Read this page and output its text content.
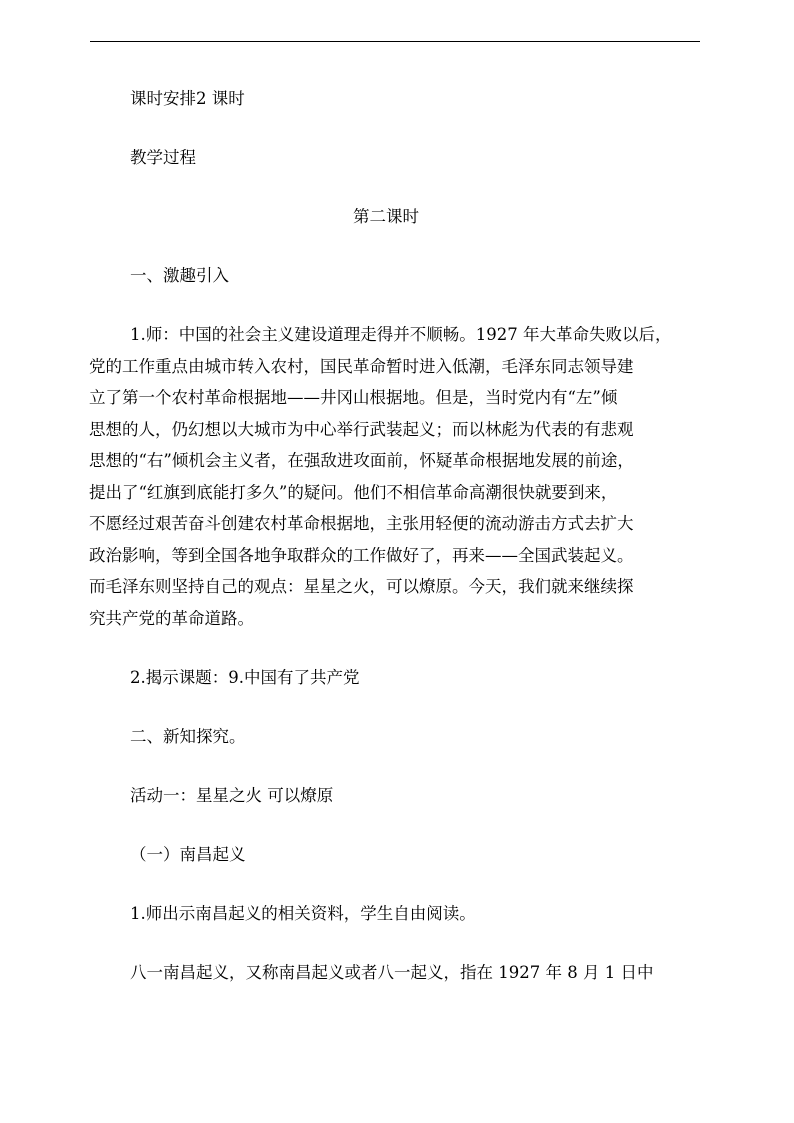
课时安排2 课时
教学过程
第二课时
一、激趣引入
1.师：中国的社会主义建设道理走得并不顺畅。1927 年大革命失败以后，
党的工作重点由城市转入农村，国民革命暂时进入低潮，毛泽东同志领导建
立了第一个农村革命根据地——井冈山根据地。但是，当时党内有“左”倾
思想的人，仍幻想以大城市为中心举行武装起义；而以林彪为代表的有悲观
思想的“右”倾机会主义者，在强敌进攻面前，怀疑革命根据地发展的前途，
提出了“红旗到底能打多久”的疑问。他们不相信革命高潮很快就要到来，
不愿经过艰苦奋斗创建农村革命根据地，主张用轻便的流动游击方式去扩大
政治影响，等到全国各地争取群众的工作做好了，再来——全国武装起义。
而毛泽东则坚持自己的观点：星星之火，可以燎原。今天，我们就来继续探
究共产党的革命道路。
2.揭示课题：9.中国有了共产党
二、新知探究。
活动一：星星之火 可以燎原
（一）南昌起义
1.师出示南昌起义的相关资料，学生自由阅读。
八一南昌起义，又称南昌起义或者八一起义，指在 1927 年 8 月 1 日中
